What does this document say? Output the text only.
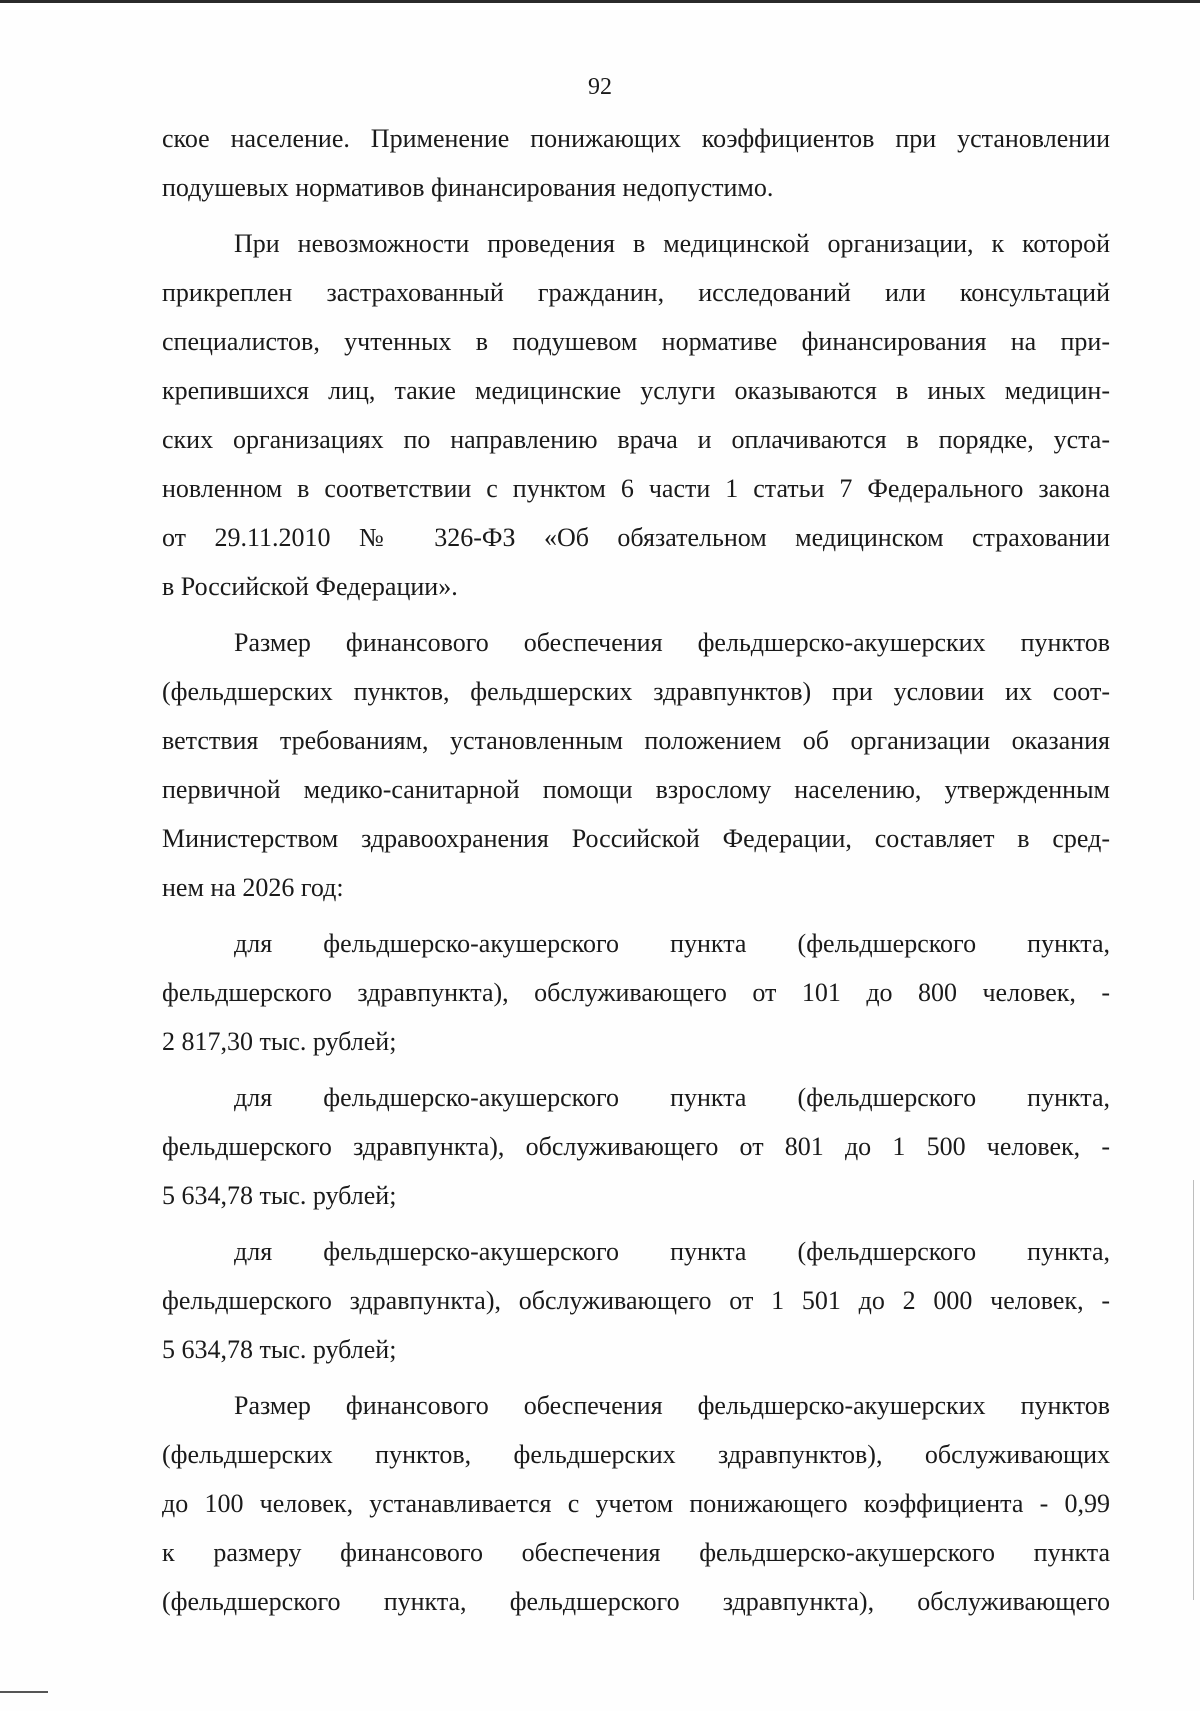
92

ское население. Применение понижающих коэффициентов при установлении
подушевых нормативов финансирования недопустимо.

При невозможности проведения в медицинской организации, к которой
прикреплен застрахованный гражданин, исследований или консультаций
специалистов, учтенных в подушевом нормативе финансирования на при-
крепившихся лиц, такие медицинские услуги оказываются в иных медицин-
ских организациях по направлению врача и оплачиваются в порядке, уста-
новленном в соответствии с пунктом 6 части 1 статьи 7 Федерального закона
от 29.11.2010 № 326-ФЗ «Об обязательном медицинском страховании
в Российской Федерации».

Размер финансового обеспечения фельдшерско-акушерских пунктов
(фельдшерских пунктов, фельдшерских здравпунктов) при условии их соот-
ветствия требованиям, установленным положением об организации оказания
первичной медико-санитарной помощи взрослому населению, утвержденным
Министерством здравоохранения Российской Федерации, составляет в сред-
нем на 2026 год:

для фельдшерско-акушерского пункта (фельдшерского пункта,
фельдшерского здравпункта), обслуживающего от 101 до 800 человек, -
2 817,30 тыс. рублей;

для фельдшерско-акушерского пункта (фельдшерского пункта,
фельдшерского здравпункта), обслуживающего от 801 до 1 500 человек, -
5 634,78 тыс. рублей;

для фельдшерско-акушерского пункта (фельдшерского пункта,
фельдшерского здравпункта), обслуживающего от 1 501 до 2 000 человек, -
5 634,78 тыс. рублей;

Размер финансового обеспечения фельдшерско-акушерских пунктов
(фельдшерских пунктов, фельдшерских здравпунктов), обслуживающих
до 100 человек, устанавливается с учетом понижающего коэффициента - 0,99
к размеру финансового обеспечения фельдшерско-акушерского пункта
(фельдшерского пункта, фельдшерского здравпункта), обслуживающего
